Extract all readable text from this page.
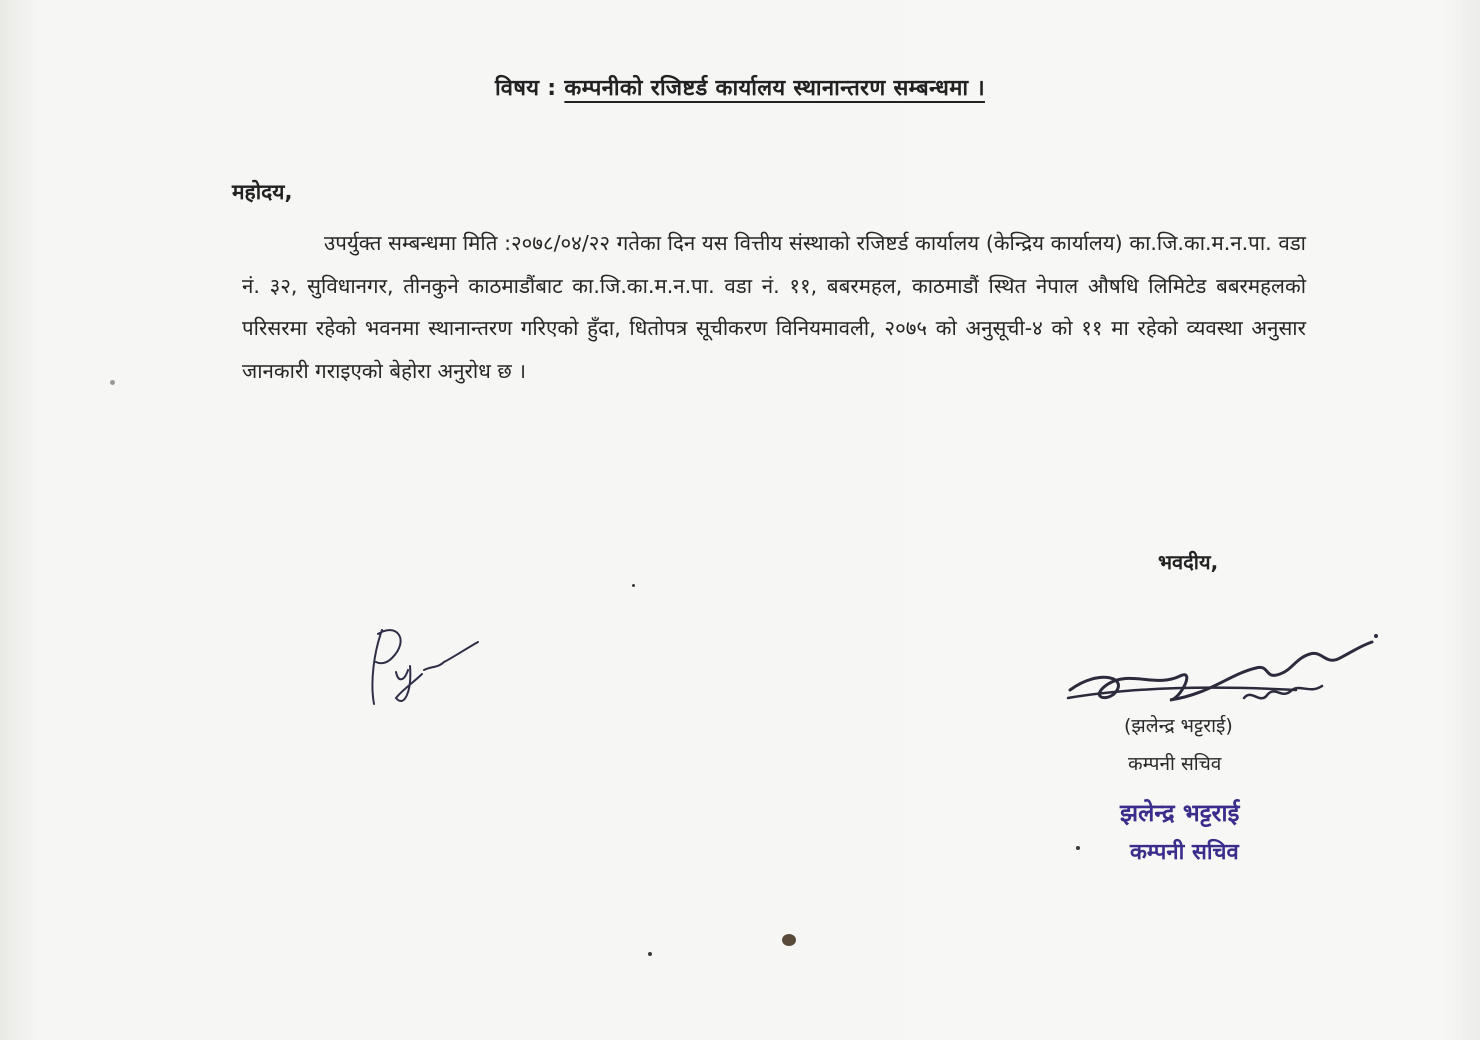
विषय : कम्पनीको रजिष्टर्ड कार्यालय स्थानान्तरण सम्बन्धमा ।
महोदय,
उपर्युक्त सम्बन्धमा मिति :२०७८/०४/२२ गतेका दिन यस वित्तीय संस्थाको रजिष्टर्ड कार्यालय (केन्द्रिय कार्यालय) का.जि.का.म.न.पा. वडा नं. ३२, सुविधानगर, तीनकुने काठमाडौंबाट का.जि.का.म.न.पा. वडा नं. ११, बबरमहल, काठमाडौं स्थित नेपाल औषधि लिमिटेड बबरमहलको परिसरमा रहेको भवनमा स्थानान्तरण गरिएको हुँदा, धितोपत्र सूचीकरण विनियमावली, २०७५ को अनुसूची-४ को ११ मा रहेको व्यवस्था अनुसार जानकारी गराइएको बेहोरा अनुरोध छ ।
भवदीय,
(झलेन्द्र भट्टराई)
कम्पनी सचिव
झलेन्द्र भट्टराई
कम्पनी सचिव
